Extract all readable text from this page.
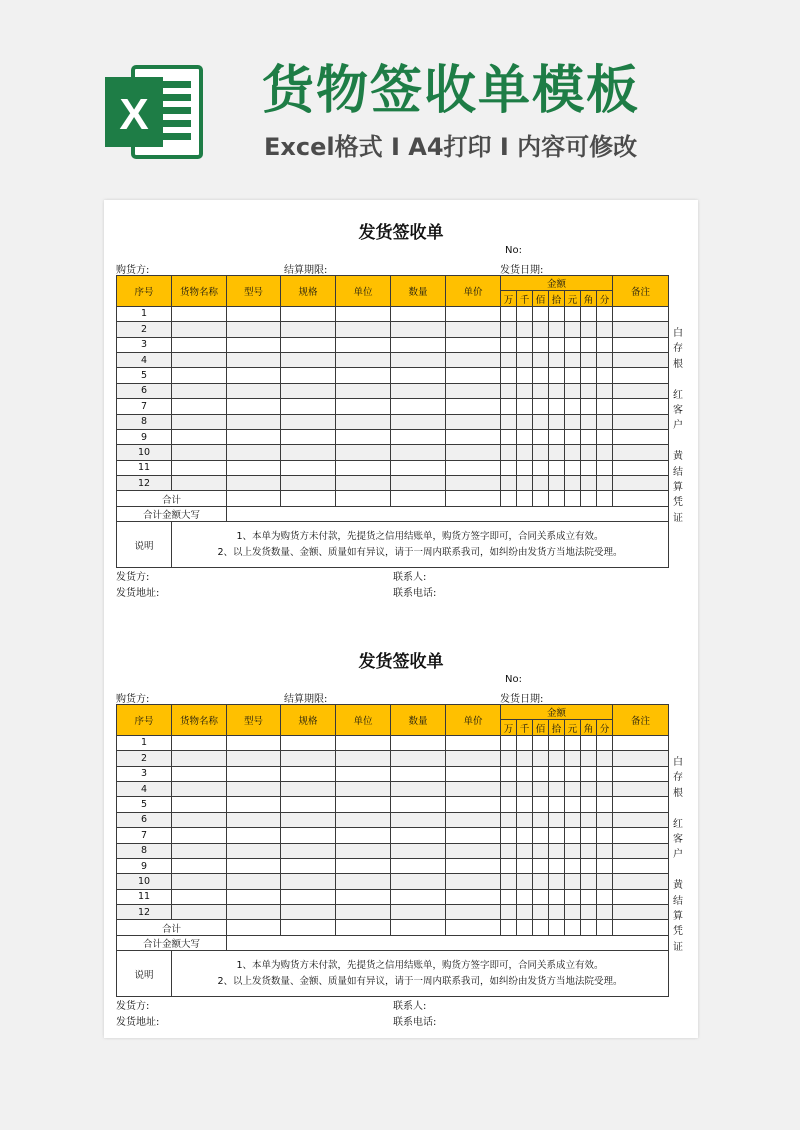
X 货物签收单模板
Excel格式 I A4打印 I 内容可修改
发货签收单
No:
购货方:	结算期限:	发货日期:
序号	货物名称	型号	规格	单位	数量	单价	金额							备注
							万	千	佰	拾	元	角	分	
1														
2														
3														
4														
5														
6														
7														
8														
9														
10														
11														
12														
合计														
合计金额大写														
说明	1、本单为购货方未付款，先提货之信用结账单，购货方签字即可，合同关系成立有效。
2、以上发货数量、金额、质量如有异议，请于一周内联系我司，如纠纷由发货方当地法院受理。													
白
存
根
红
客
户
黄
结
算
凭
证
发货方:
发货地址:
联系人:
联系电话:
发货签收单
No:
购货方:	结算期限:	发货日期:
序号	货物名称	型号	规格	单位	数量	单价	金额							备注
							万	千	佰	拾	元	角	分	
1														
2														
3														
4														
5														
6														
7														
8														
9														
10														
11														
12														
合计														
合计金额大写														
说明	1、本单为购货方未付款，先提货之信用结账单，购货方签字即可，合同关系成立有效。
2、以上发货数量、金额、质量如有异议，请于一周内联系我司，如纠纷由发货方当地法院受理。													
白
存
根
红
客
户
黄
结
算
凭
证
发货方:
发货地址:
联系人:
联系电话:
